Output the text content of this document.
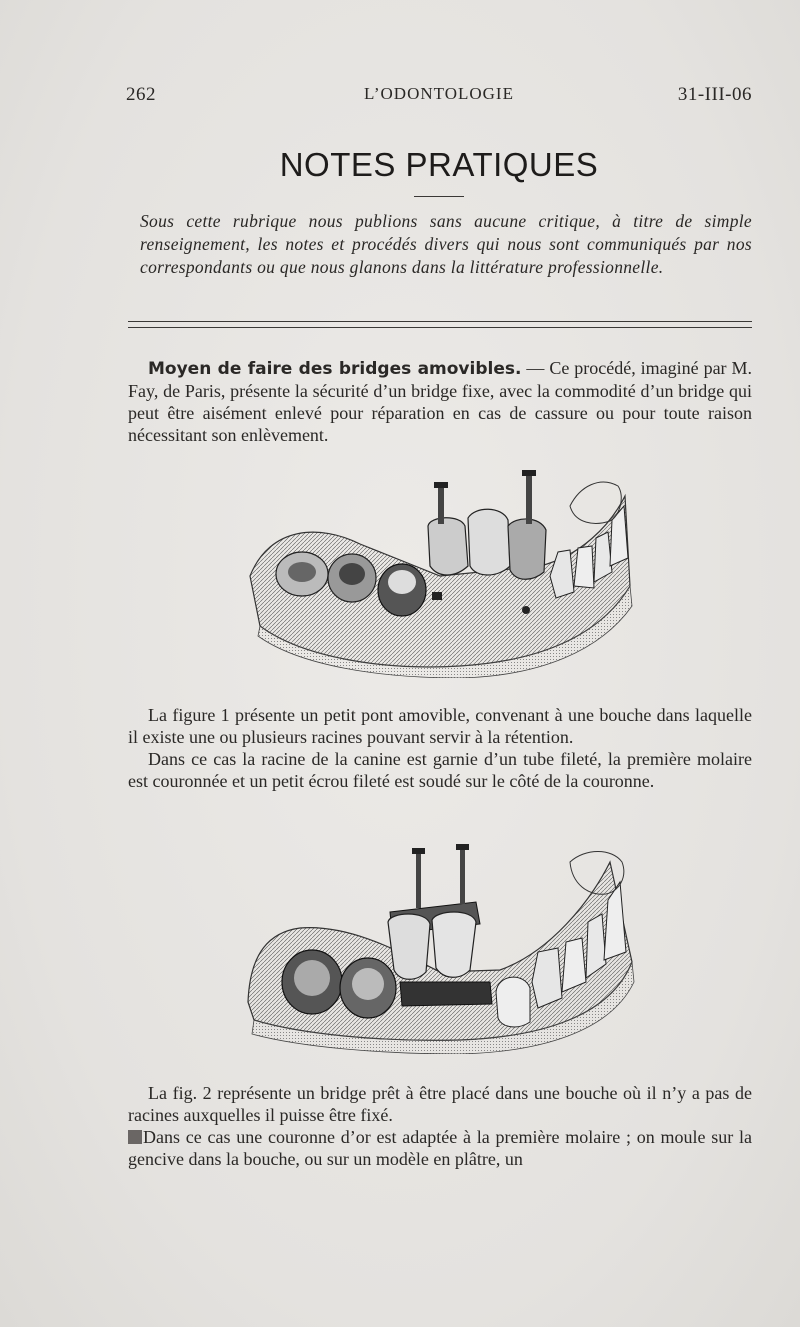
262	L’ODONTOLOGIE	31-III-06
NOTES PRATIQUES
Sous cette rubrique nous publions sans aucune critique, à titre de simple renseignement, les notes et procédés divers qui nous sont communiqués par nos correspondants ou que nous glanons dans la littérature professionnelle.

Moyen de faire des bridges amovibles. — Ce procédé, imaginé par M. Fay, de Paris, présente la sécurité d’un bridge fixe, avec la commodité d’un bridge qui peut être aisément enlevé pour réparation en cas de cassure ou pour toute raison nécessitant son enlèvement.

La figure 1 présente un petit pont amovible, convenant à une bouche dans laquelle il existe une ou plusieurs racines pouvant servir à la rétention.

Dans ce cas la racine de la canine est garnie d’un tube fileté, la première molaire est couronnée et un petit écrou fileté est soudé sur le côté de la couronne.

La fig. 2 représente un bridge prêt à être placé dans une bouche où il n’y a pas de racines auxquelles il puisse être fixé.

Dans ce cas une couronne d’or est adaptée à la première molaire ; on moule sur la gencive dans la bouche, ou sur un modèle en plâtre, un
